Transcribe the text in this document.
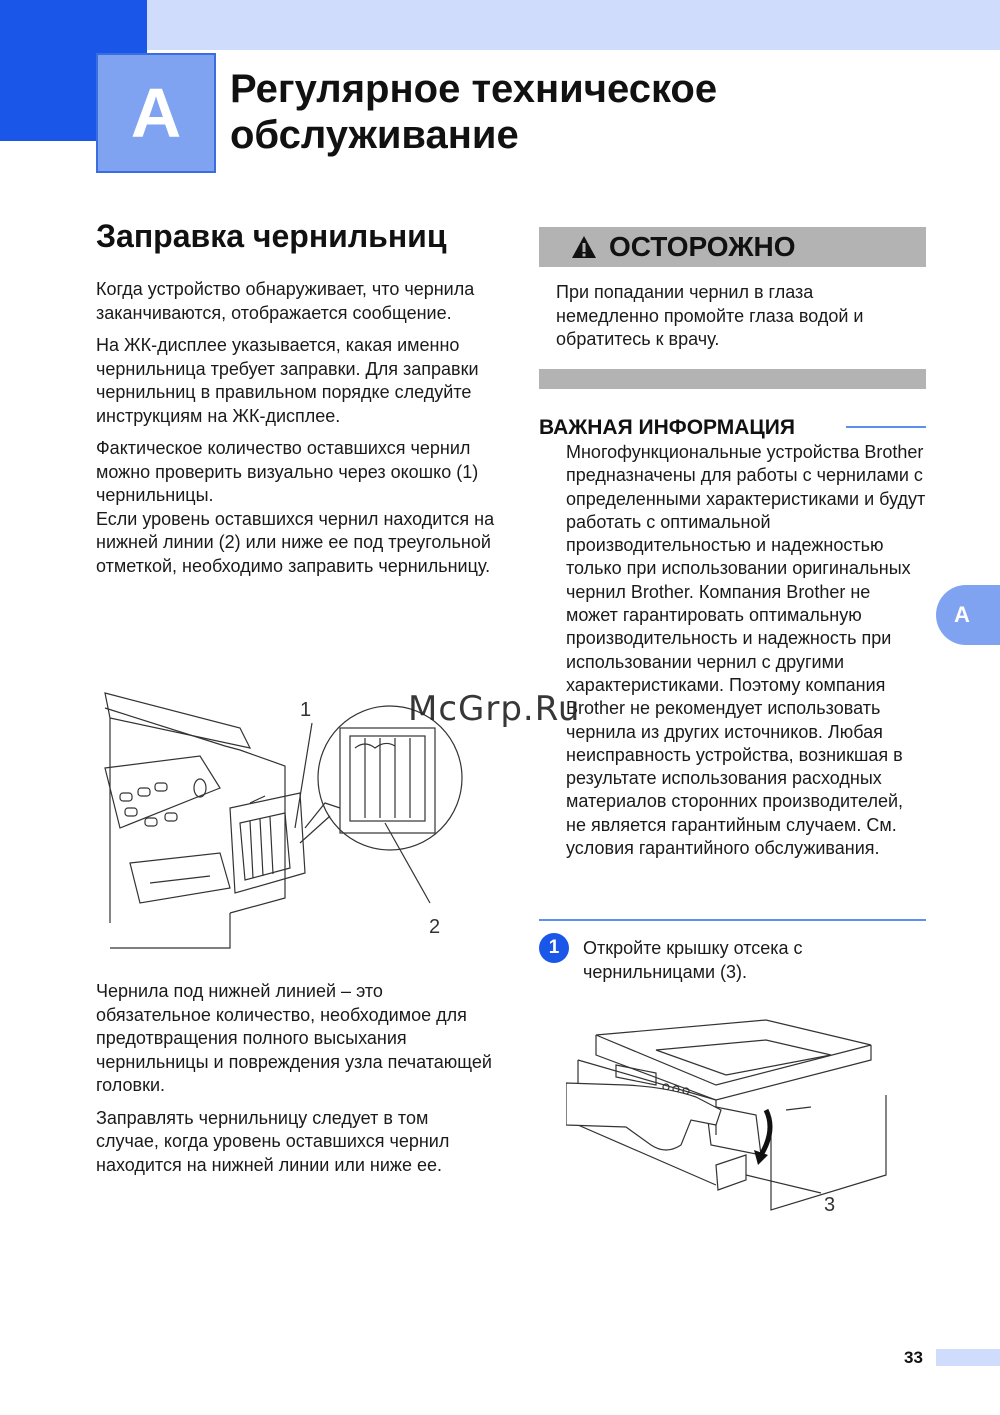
A Регулярное техническое
обслуживание
Заправка чернильниц

Когда устройство обнаруживает, что чернила заканчиваются, отображается сообщение.

На ЖК-дисплее указывается, какая именно чернильница требует заправки. Для заправки чернильниц в правильном порядке следуйте инструкциям на ЖК-дисплее.

Фактическое количество оставшихся чернил можно проверить визуально через окошко (1) чернильницы.

Если уровень оставшихся чернил находится на нижней линии (2) или ниже ее под треугольной отметкой, необходимо заправить чернильницу.

1
2

Чернила под нижней линией – это обязательное количество, необходимое для предотвращения полного высыхания чернильницы и повреждения узла печатающей головки.

Заправлять чернильницу следует в том случае, когда уровень оставшихся чернил находится на нижней линии или ниже ее.

ОСТОРОЖНО
При попадании чернил в глаза немедленно промойте глаза водой и обратитесь к врачу.
ВАЖНАЯ ИНФОРМАЦИЯ

Многофункциональные устройства Brother предназначены для работы с чернилами с определенными характеристиками и будут работать с оптимальной производительностью и надежностью только при использовании оригинальных чернил Brother. Компания Brother не может гарантировать оптимальную производительность и надежность при использовании чернил с другими характеристиками. Поэтому компания Brother не рекомендует использовать чернила из других источников. Любая неисправность устройства, возникшая в результате использования расходных материалов сторонних производителей, не является гарантийным случаем. См. условия гарантийного обслуживания.

1 Откройте крышку отсека с чернильницами (3).
3
A
McGrp.Ru
33
